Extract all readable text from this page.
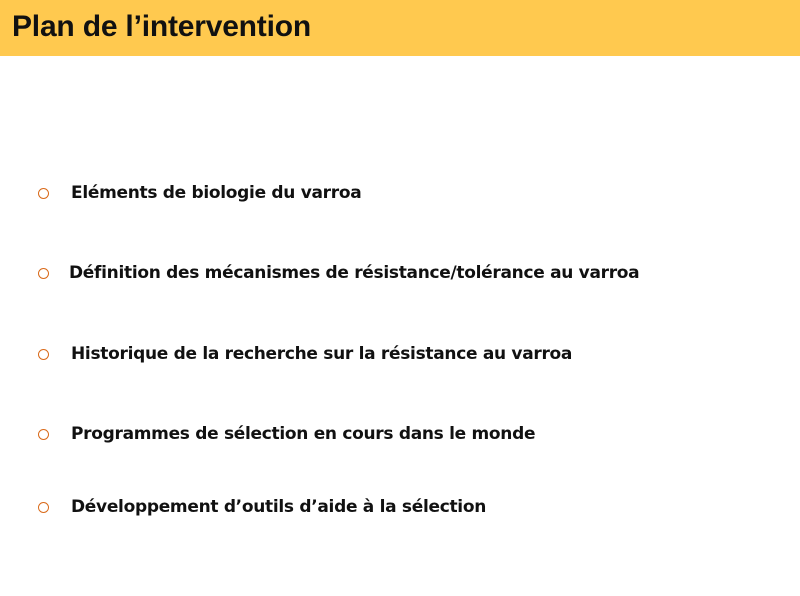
Plan de l’intervention
Eléments de biologie du varroa
Définition des mécanismes de résistance/tolérance au varroa
Historique de la recherche sur la résistance au varroa
Programmes de sélection en cours dans le monde
Développement d’outils d’aide à la sélection
